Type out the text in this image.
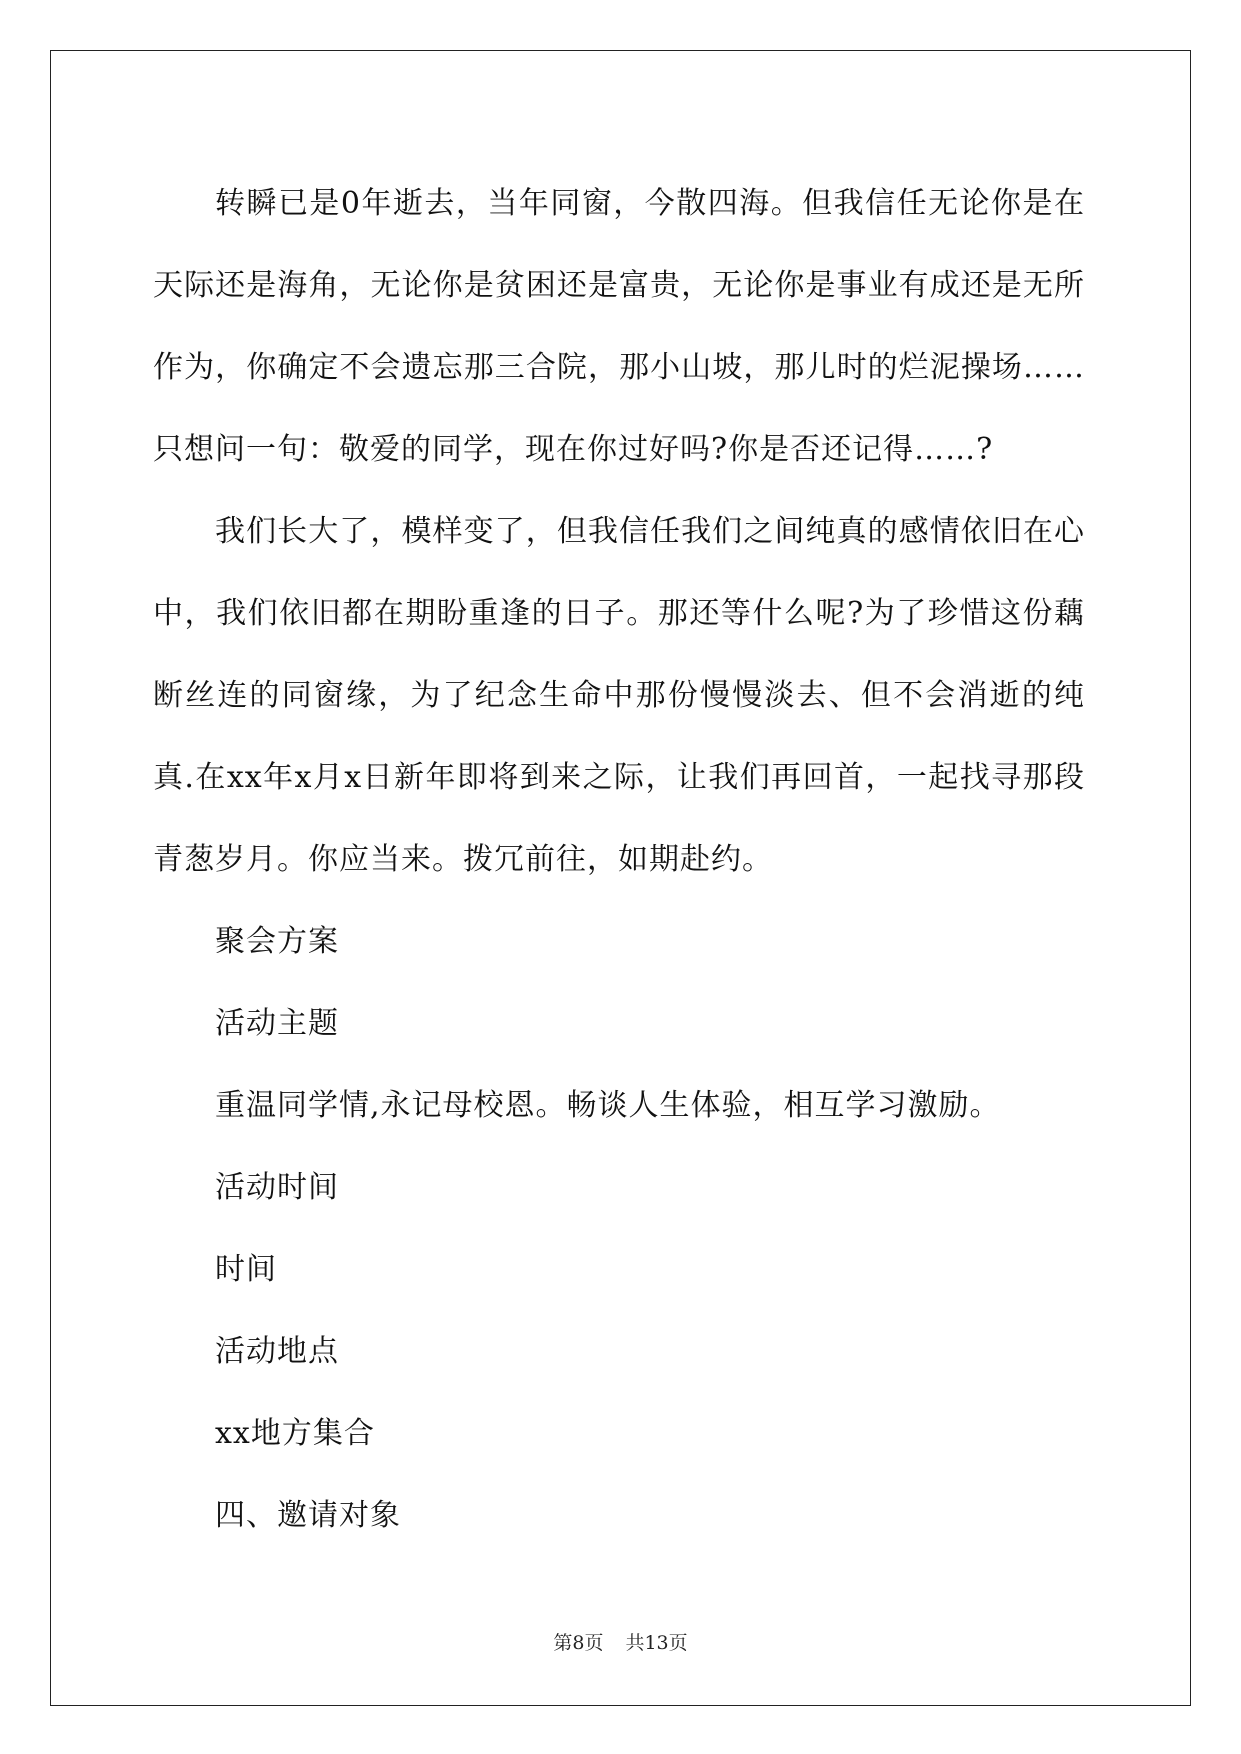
转瞬已是0年逝去，当年同窗，今散四海。但我信任无论你是在天际还是海角，无论你是贫困还是富贵，无论你是事业有成还是无所作为，你确定不会遗忘那三合院，那小山坡，那儿时的烂泥操场……只想问一句：敬爱的同学，现在你过好吗?你是否还记得……?

我们长大了，模样变了，但我信任我们之间纯真的感情依旧在心中，我们依旧都在期盼重逢的日子。那还等什么呢?为了珍惜这份藕断丝连的同窗缘，为了纪念生命中那份慢慢淡去、但不会消逝的纯真.在xx年x月x日新年即将到来之际，让我们再回首，一起找寻那段青葱岁月。你应当来。拨冗前往，如期赴约。

聚会方案

活动主题

重温同学情,永记母校恩。畅谈人生体验，相互学习激励。

活动时间

时间

活动地点

xx地方集合

四、邀请对象

第8页 共13页
